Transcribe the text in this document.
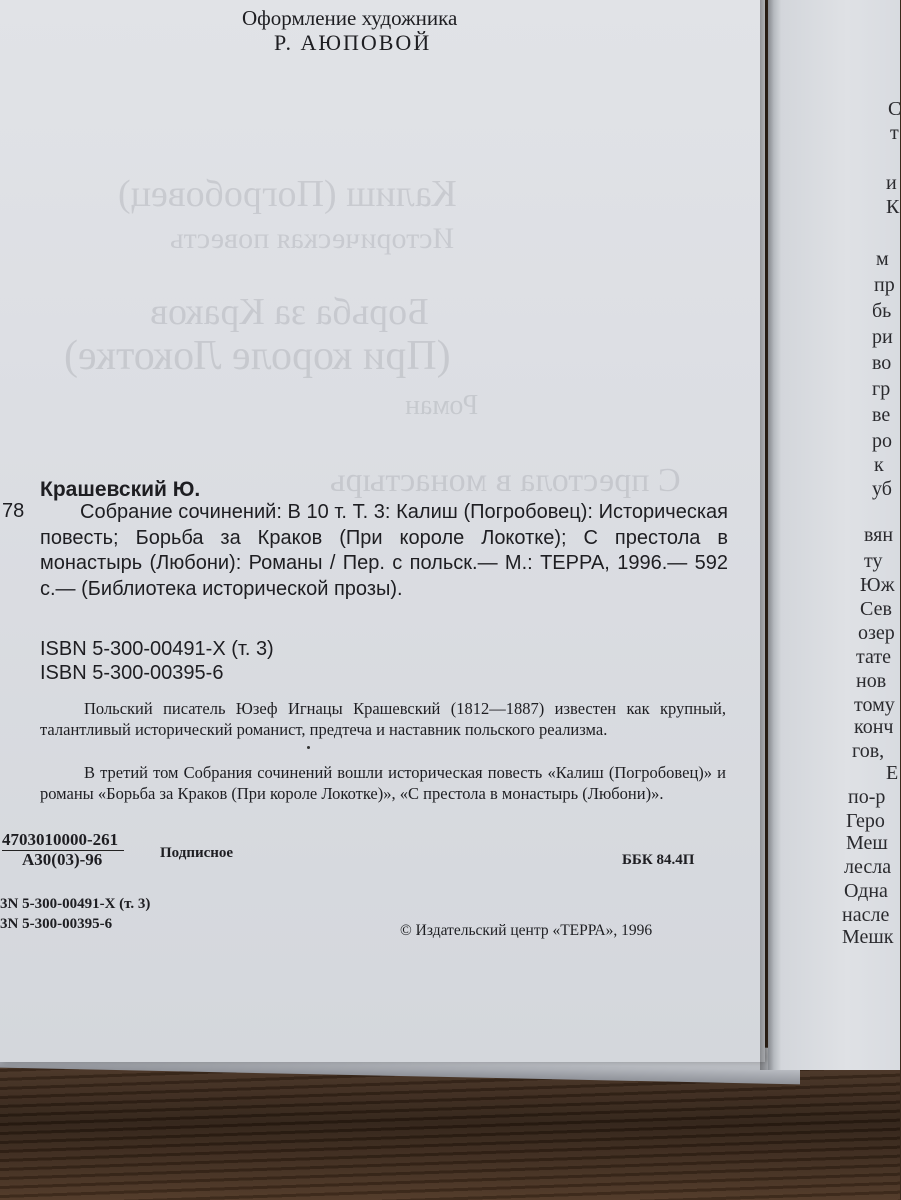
Калиш (Погробовец)
Историческая повесть
Борьба за Краков
(При короле Локотке)
Роман
С престола в монастырь
Оформление художника
Р. АЮПОВОЙ
Крашевский Ю.
78	Собрание сочинений: В 10 т. Т. 3: Калиш (Погробовец): Историческая повесть; Борьба за Краков (При короле Локотке); С престола в монастырь (Любони): Романы / Пер. с польск.— М.: ТЕРРА, 1996.— 592 с.— (Библиотека исторической прозы).
ISBN 5-300-00491-X (т. 3)
ISBN 5-300-00395-6
Польский писатель Юзеф Игнацы Крашевский (1812—1887) известен как крупный, талантливый исторический романист, предтеча и наставник польского реализма.
В третий том Собрания сочинений вошли историческая повесть «Калиш (Погробовец)» и романы «Борьба за Краков (При короле Локотке)», «С престола в монастырь (Любони)».
4703010000-261
А30(03)-96	Подписное	ББК 84.4П
3N 5-300-00491-X (т. 3)
3N 5-300-00395-6	© Издательский центр «ТЕРРА», 1996
С
т
и
К
м
пр
бь
ри
во
гр
ве
ро
к
уб
вян
ту
Юж
Сев
озер
тате
нов
тому
конч
гов,
Е
по-р
Геро
Меш
лесла
Одна
насле
Мешк
